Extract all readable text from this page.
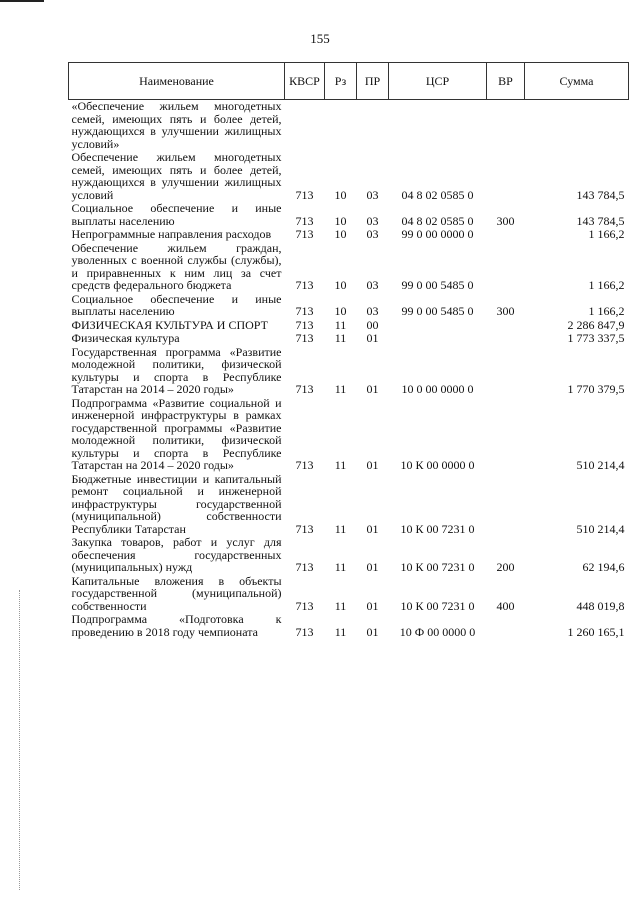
155
Наименование	КВСР	Рз	ПР	ЦСР	ВР	Сумма
«Обеспечение жильем многодетных семей, имеющих пять и более детей, нуждающихся в улучшении жилищных условий»						
Обеспечение жильем многодетных семей, имеющих пять и более детей, нуждающихся в улучшении жилищных условий	713	10	03	04 8 02 0585 0		143 784,5
Социальное обеспечение и иные выплаты населению	713	10	03	04 8 02 0585 0	300	143 784,5
Непрограммные направления расходов	713	10	03	99 0 00 0000 0		1 166,2
Обеспечение жильем граждан, уволенных с военной службы (службы), и приравненных к ним лиц за счет средств федерального бюджета	713	10	03	99 0 00 5485 0		1 166,2
Социальное обеспечение и иные выплаты населению	713	10	03	99 0 00 5485 0	300	1 166,2
ФИЗИЧЕСКАЯ КУЛЬТУРА И СПОРТ	713	11	00			2 286 847,9
Физическая культура	713	11	01			1 773 337,5
Государственная программа «Развитие молодежной политики, физической культуры и спорта в Республике Татарстан на 2014 – 2020 годы»	713	11	01	10 0 00 0000 0		1 770 379,5
Подпрограмма «Развитие социальной и инженерной инфраструктуры в рамках государственной программы «Развитие молодежной политики, физической культуры и спорта в Республике Татарстан на 2014 – 2020 годы»	713	11	01	10 К 00 0000 0		510 214,4
Бюджетные инвестиции и капитальный ремонт социальной и инженерной инфраструктуры государственной (муниципальной) собственности Республики Татарстан	713	11	01	10 К 00 7231 0		510 214,4
Закупка товаров, работ и услуг для обеспечения государственных (муниципальных) нужд	713	11	01	10 К 00 7231 0	200	62 194,6
Капитальные вложения в объекты государственной (муниципальной) собственности	713	11	01	10 К 00 7231 0	400	448 019,8
Подпрограмма «Подготовка к проведению в 2018 году чемпионата	713	11	01	10 Ф 00 0000 0		1 260 165,1
